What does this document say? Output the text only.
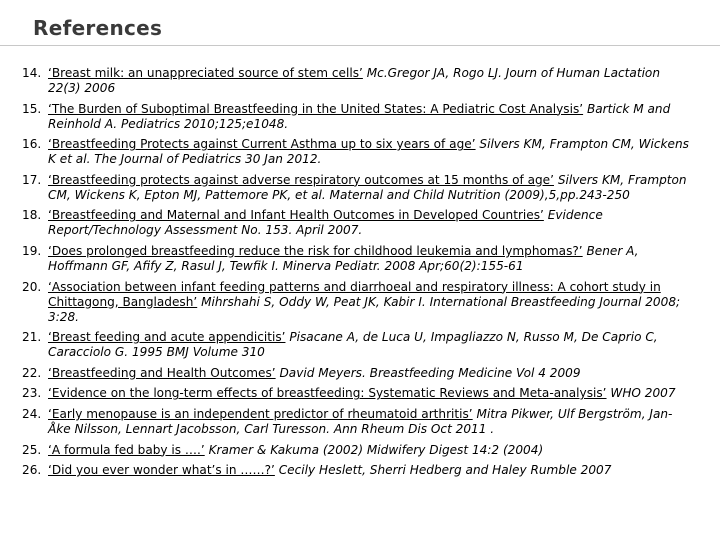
References
14. ‘Breast milk: an unappreciated source of stem cells’ Mc.Gregor JA, Rogo LJ. Journ of Human Lactation 22(3) 2006
15. ‘The Burden of Suboptimal Breastfeeding in the United States: A Pediatric Cost Analysis’ Bartick M and Reinhold A. Pediatrics 2010;125;e1048.
16. ‘Breastfeeding Protects against Current Asthma up to six years of age’ Silvers KM, Frampton CM, Wickens K et al. The Journal of Pediatrics 30 Jan 2012.
17. ‘Breastfeeding protects against adverse respiratory outcomes at 15 months of age’ Silvers KM, Frampton CM, Wickens K, Epton MJ, Pattemore PK, et al. Maternal and Child Nutrition (2009),5,pp.243-250
18. ‘Breastfeeding and Maternal and Infant Health Outcomes in Developed Countries’ Evidence Report/Technology Assessment No. 153. April 2007.
19. ‘Does prolonged breastfeeding reduce the risk for childhood leukemia and lymphomas?’ Bener A, Hoffmann GF, Afify Z, Rasul J, Tewfik I. Minerva Pediatr. 2008 Apr;60(2):155-61
20. ‘Association between infant feeding patterns and diarrhoeal and respiratory illness: A cohort study in Chittagong, Bangladesh’ Mihrshahi S, Oddy W, Peat JK, Kabir I. International Breastfeeding Journal 2008; 3:28.
21. ‘Breast feeding and acute appendicitis’ Pisacane A, de Luca U, Impagliazzo N, Russo M, De Caprio C, Caracciolo G. 1995 BMJ Volume 310
22. ‘Breastfeeding and Health Outcomes’ David Meyers. Breastfeeding Medicine Vol 4 2009
23. ‘Evidence on the long-term effects of breastfeeding: Systematic Reviews and Meta-analysis’ WHO 2007
24. ‘Early menopause is an independent predictor of rheumatoid arthritis’ Mitra Pikwer, Ulf Bergström, Jan-Åke Nilsson, Lennart Jacobsson, Carl Turesson. Ann Rheum Dis Oct 2011 .
25. ‘A formula fed baby is ….’ Kramer & Kakuma (2002) Midwifery Digest 14:2 (2004)
26. ‘Did you ever wonder what’s in ……?’ Cecily Heslett, Sherri Hedberg and Haley Rumble 2007
